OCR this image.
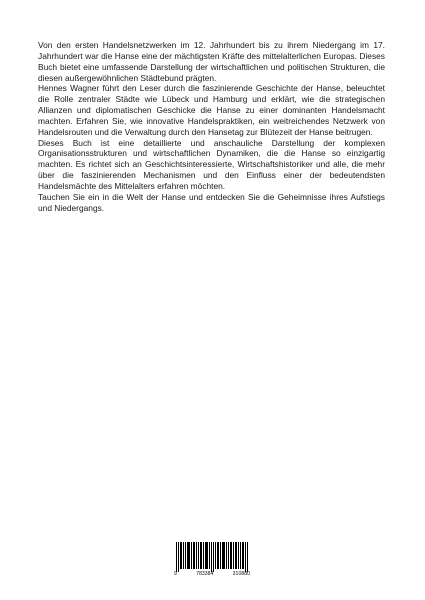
Von den ersten Handelsnetzwerken im 12. Jahrhundert bis zu ihrem Niedergang im 17. Jahrhundert war die Hanse eine der mächtigsten Kräfte des mittelalterlichen Europas. Dieses Buch bietet eine umfassende Darstellung der wirtschaftlichen und politischen Strukturen, die diesen außergewöhnlichen Städtebund prägten.

Hennes Wagner führt den Leser durch die faszinierende Geschichte der Hanse, beleuchtet die Rolle zentraler Städte wie Lübeck und Hamburg und erklärt, wie die strategischen Allianzen und diplomatischen Geschicke die Hanse zu einer dominanten Handelsmacht machten. Erfahren Sie, wie innovative Handelspraktiken, ein weitreichendes Netzwerk von Handelsrouten und die Verwaltung durch den Hansetag zur Blütezeit der Hanse beitrugen.

Dieses Buch ist eine detaillierte und anschauliche Darstellung der komplexen Organisationsstrukturen und wirtschaftlichen Dynamiken, die die Hanse so einzigartig machten. Es richtet sich an Geschichtsinteressierte, Wirtschaftshistoriker und alle, die mehr über die faszinierenden Mechanismen und den Einfluss einer der bedeutendsten Handelsmächte des Mittelalters erfahren möchten.

Tauchen Sie ein in die Welt der Hanse und entdecken Sie die Geheimnisse ihres Aufstiegs und Niedergangs.

9	783384	310880
